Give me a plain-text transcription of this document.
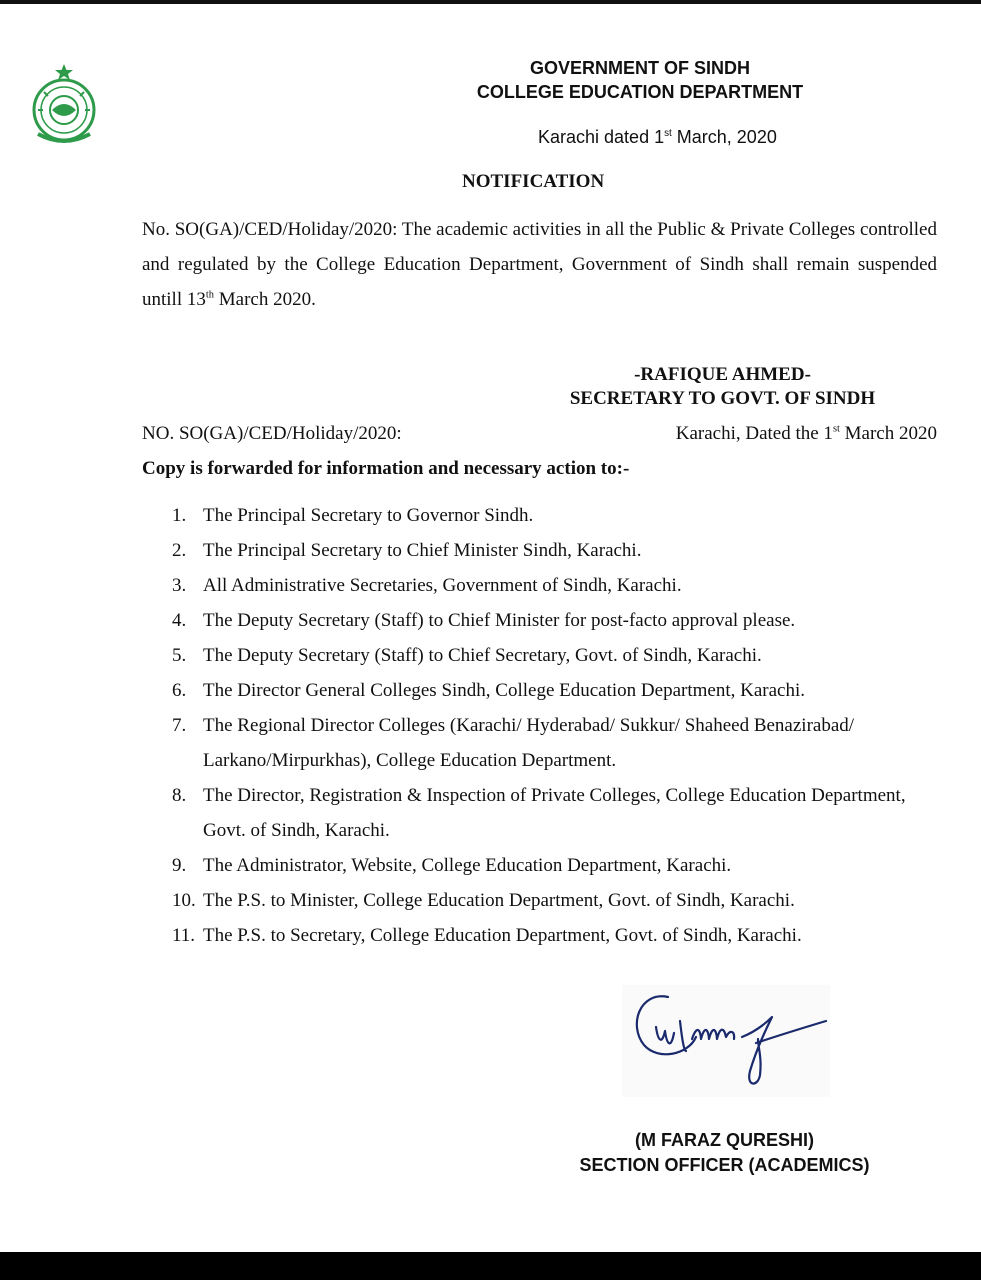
GOVERNMENT OF SINDH
COLLEGE EDUCATION DEPARTMENT
Karachi dated 1st March, 2020
NOTIFICATION

No. SO(GA)/CED/Holiday/2020: The academic activities in all the Public & Private Colleges controlled and regulated by the College Education Department, Government of Sindh shall remain suspended untill 13th March 2020.

-RAFIQUE AHMED-
SECRETARY TO GOVT. OF SINDH
NO. SO(GA)/CED/Holiday/2020:	Karachi, Dated the 1st March 2020
Copy is forwarded for information and necessary action to:-
1. The Principal Secretary to Governor Sindh.
2. The Principal Secretary to Chief Minister Sindh, Karachi.
3. All Administrative Secretaries, Government of Sindh, Karachi.
4. The Deputy Secretary (Staff) to Chief Minister for post-facto approval please.
5. The Deputy Secretary (Staff) to Chief Secretary, Govt. of Sindh, Karachi.
6. The Director General Colleges Sindh, College Education Department, Karachi.
7. The Regional Director Colleges (Karachi/ Hyderabad/ Sukkur/ Shaheed Benazirabad/ Larkano/Mirpurkhas), College Education Department.
8. The Director, Registration & Inspection of Private Colleges, College Education Department, Govt. of Sindh, Karachi.
9. The Administrator, Website, College Education Department, Karachi.
10. The P.S. to Minister, College Education Department, Govt. of Sindh, Karachi.
11. The P.S. to Secretary, College Education Department, Govt. of Sindh, Karachi.
(M FARAZ QURESHI)
SECTION OFFICER (ACADEMICS)
